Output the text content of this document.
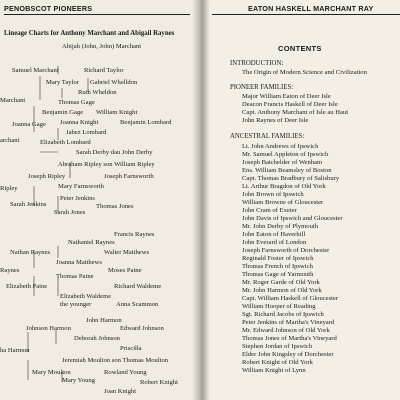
PENOBSCOT PIONEERS
Lineage Charts for Anthony Marchant and Abigail Raynes
Abijah (John, John) Marchant
Samuel Marchant	Richard Taylor
Mary Taylor Gabriel Whelldon
Ruth Wheldon
Marchant	Thomas Gage
Benjamin Gage William Knight
Joanna Gage Joanna Knight	Benjamin Lombard
Jabez Lombard
archant	Elizabeth Lombard
Sarah Derby dau John Derby
Abraham Ripley son William Ripley
Joseph Ripley	Joseph Farnsworth
Mary Farnsworth
Ripley
Peter Jenkins
Sarah Jenkins	Thomas Jones
Sarah Jones
Francis Raynes
Nathaniel Raynes
Nathan Raynes	Walter Matthews
Joanna Matthews
Raynes	Moses Paine
Thomas Paine
Elizabeth Paine	Richard Waldeme
Elizabeth Waldeme
the younger	Anna Scammon
John Harmon
Johnson Harmon	Edward Johnson
Deborah Johnson
ha Harmon	Priscilla
Jeremiah Moulton son Thomas Moulton
Mary Moulton	Rowland Young
Mary Young	Robert Knight
Joan Knight
EATON HASKELL MARCHANT RAY
CONTENTS
INTRODUCTION:
The Origin of Modern Science and Civilization
PIONEER FAMILIES:
Major William Eaton of Deer Isle
Deacon Francis Haskell of Deer Isle
Capt. Anthony Marchant of Isle au Haut
John Raynes of Deer Isle
ANCESTRAL FAMILIES:
Lt. John Andrews of Ipswich
Mr. Samuel Appleton of Ipswich
Joseph Batchelder of Wenham
Ens. William Beamsley of Boston
Capt. Thomas Bradbury of Salisbury
Lt. Arthur Bragdon of Old York
John Brown of Ipswich
William Browne of Gloucester
John Cram of Exeter
John Davis of Ipswich and Gloucester
Mr. John Derby of Plymouth
John Eaton of Haverhill
John Everard of London
Joseph Farnsworth of Dorchester
Reginald Foster of Ipswich
Thomas French of Ipswich
Thomas Gage of Yarmouth
Mr. Roger Garde of Old York
Mr. John Harmon of Old York
Capt. William Haskell of Gloucester
William Hooper of Reading
Sgt. Richard Jacobs of Ipswich
Peter Jenkins of Martha's Vineyard
Mr. Edward Johnson of Old York
Thomas Jones of Martha's Vineyard
Stephen Jordan of Ipswich
Elder John Kingsley of Dorchester
Robert Knight of Old York
William Knight of Lynn
